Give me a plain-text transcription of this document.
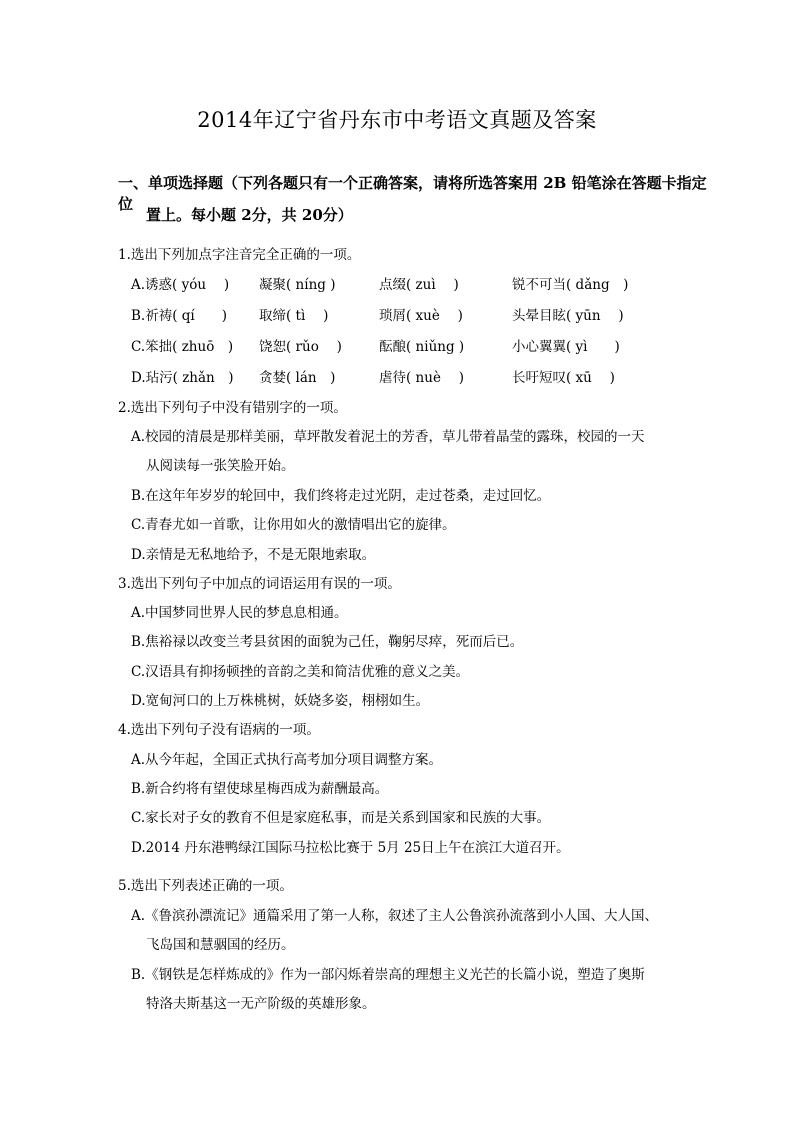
2014年辽宁省丹东市中考语文真题及答案
一、单项选择题（下列各题只有一个正确答案，请将所选答案用 2B 铅笔涂在答题卡指定位
置上。每小题 2分，共 20分）
1.选出下列加点字注音完全正确的一项。
A.诱惑( yóu　 ) 凝聚( níng )	点缀( zuì　 )	锐不可当( dǎng　)
B.祈祷( qí　　) 取缔( tì　 )	琐屑( xuè　 )	头晕目眩( yūn　 )
C.笨拙( zhuō　) 饶恕( rǔo　 )	酝酿( niǔng )	小心翼翼( yì　　)
D.玷污( zhǎn　) 贪婪( lán　)	虐待( nuè　 )	长吁短叹( xū　 )
2.选出下列句子中没有错别字的一项。
A.校园的清晨是那样美丽，草坪散发着泥土的芳香，草儿带着晶莹的露珠，校园的一天
从阅读每一张笑脸开始。
B.在这年年岁岁的轮回中，我们终将走过光阴，走过苍桑，走过回忆。
C.青春尤如一首歌，让你用如火的激情唱出它的旋律。
D.亲情是无私地给予，不是无限地索取。
3.选出下列句子中加点的词语运用有误的一项。
A.中国梦同世界人民的梦息息相通。
B.焦裕禄以改变兰考县贫困的面貌为己任，鞠躬尽瘁，死而后已。
C.汉语具有抑扬顿挫的音韵之美和简洁优雅的意义之美。
D.宽甸河口的上万株桃树，妖娆多姿，栩栩如生。
4.选出下列句子没有语病的一项。
A.从今年起，全国正式执行高考加分项目调整方案。
B.新合约将有望使球星梅西成为薪酬最高。
C.家长对子女的教育不但是家庭私事，而是关系到国家和民族的大事。
D.2014 丹东港鸭绿江国际马拉松比赛于 5月 25日上午在滨江大道召开。
5.选出下列表述正确的一项。
A.《鲁滨孙漂流记》通篇采用了第一人称，叙述了主人公鲁滨孙流落到小人国、大人国、
飞岛国和慧骃国的经历。
B.《钢铁是怎样炼成的》作为一部闪烁着崇高的理想主义光芒的长篇小说，塑造了奥斯
特洛夫斯基这一无产阶级的英雄形象。
